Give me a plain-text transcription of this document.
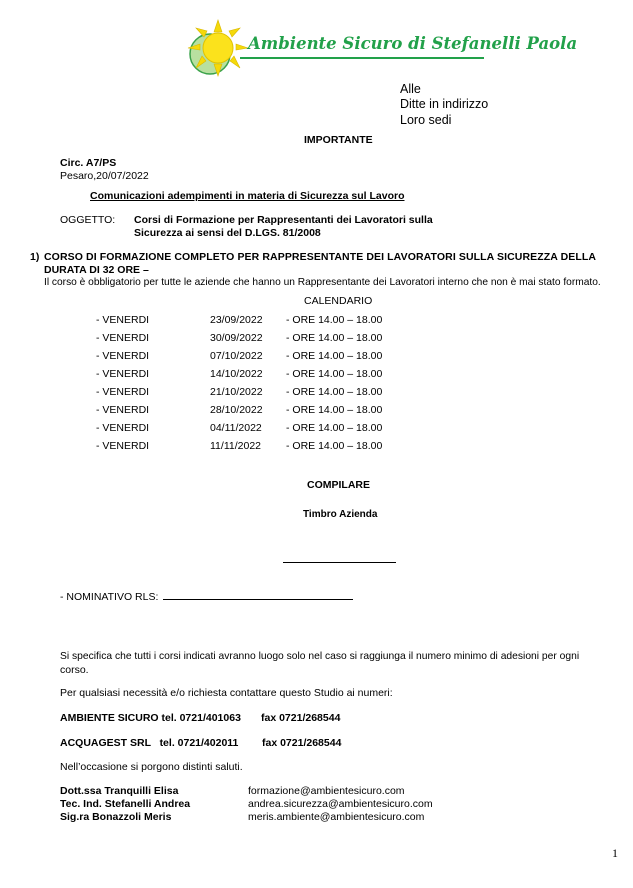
Ambiente Sicuro di Stefanelli Paola
Alle
Ditte in indirizzo
Loro sedi
IMPORTANTE
Circ. A7/PS
Pesaro,20/07/2022
Comunicazioni adempimenti in materia di Sicurezza sul Lavoro
OGGETTO: Corsi di Formazione per Rappresentanti dei Lavoratori sulla
Sicurezza ai sensi del D.LGS. 81/2008
1) CORSO DI FORMAZIONE COMPLETO PER RAPPRESENTANTE DEI LAVORATORI SULLA SICUREZZA DELLA
DURATA DI 32 ORE –
Il corso è obbligatorio per tutte le aziende che hanno un Rappresentante dei Lavoratori interno che non è mai stato formato.
CALENDARIO
- VENERDI	23/09/2022 - ORE 14.00 – 18.00
- VENERDI	30/09/2022 - ORE 14.00 – 18.00
- VENERDI	07/10/2022 - ORE 14.00 – 18.00
- VENERDI	14/10/2022 - ORE 14.00 – 18.00
- VENERDI	21/10/2022 - ORE 14.00 – 18.00
- VENERDI	28/10/2022 - ORE 14.00 – 18.00
- VENERDI	04/11/2022 - ORE 14.00 – 18.00
- VENERDI	11/11/2022 - ORE 14.00 – 18.00
COMPILARE
Timbro Azienda
- NOMINATIVO RLS:
Si specifica che tutti i corsi indicati avranno luogo solo nel caso si raggiunga il numero minimo di adesioni per ogni
corso.
Per qualsiasi necessità e/o richiesta contattare questo Studio ai numeri:
AMBIENTE SICURO tel. 0721/401063 fax 0721/268544
ACQUAGEST SRL   tel. 0721/402011 fax 0721/268544
Nell’occasione si porgono distinti saluti.
Dott.ssa Tranquilli Elisa	formazione@ambientesicuro.com
Tec. Ind. Stefanelli Andrea	andrea.sicurezza@ambientesicuro.com
Sig.ra Bonazzoli Meris	meris.ambiente@ambientesicuro.com
1
